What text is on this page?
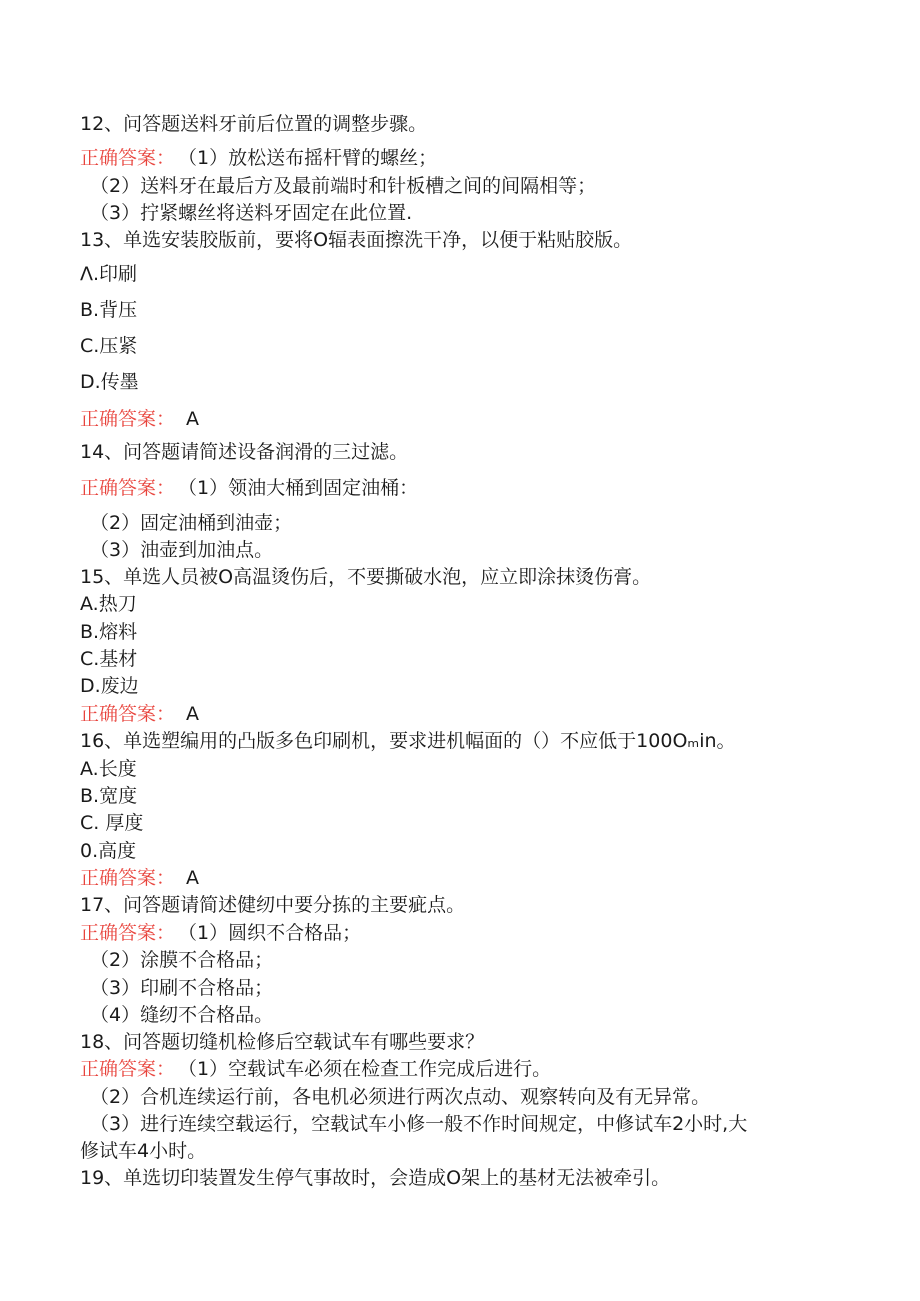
12、问答题送料牙前后位置的调整步骤。
正确答案： （1）放松送布摇杆臂的螺丝；
（2）送料牙在最后方及最前端时和针板槽之间的间隔相等；
（3）拧紧螺丝将送料牙固定在此位置.
13、单选安装胶版前，要将O辐表面擦洗干净，以便于粘贴胶版。
Λ.印刷
B.背压
C.压紧
D.传墨
正确答案： A
14、问答题请简述设备润滑的三过滤。
正确答案： （1）领油大桶到固定油桶：
（2）固定油桶到油壶；
（3）油壶到加油点。
15、单选人员被O高温烫伤后，不要撕破水泡，应立即涂抹烫伤膏。
A.热刀
B.熔料
C.基材
D.废边
正确答案： A
16、单选塑编用的凸版多色印刷机，要求进机幅面的（）不应低于100Oₘin。
A.长度
B.宽度
C. 厚度
0.高度
正确答案： A
17、问答题请简述健纫中要分拣的主要疵点。
正确答案： （1）圆织不合格品；
（2）涂膜不合格品；
（3）印刷不合格品；
（4）缝纫不合格品。
18、问答题切缝机检修后空载试车有哪些要求？
正确答案： （1）空载试车必须在检查工作完成后进行。
（2）合机连续运行前，各电机必须进行两次点动、观察转向及有无异常。
（3）进行连续空载运行，空载试车小修一般不作时间规定，中修试车2小时,大
修试车4小时。
19、单选切印装置发生停气事故时，会造成O架上的基材无法被牵引。
